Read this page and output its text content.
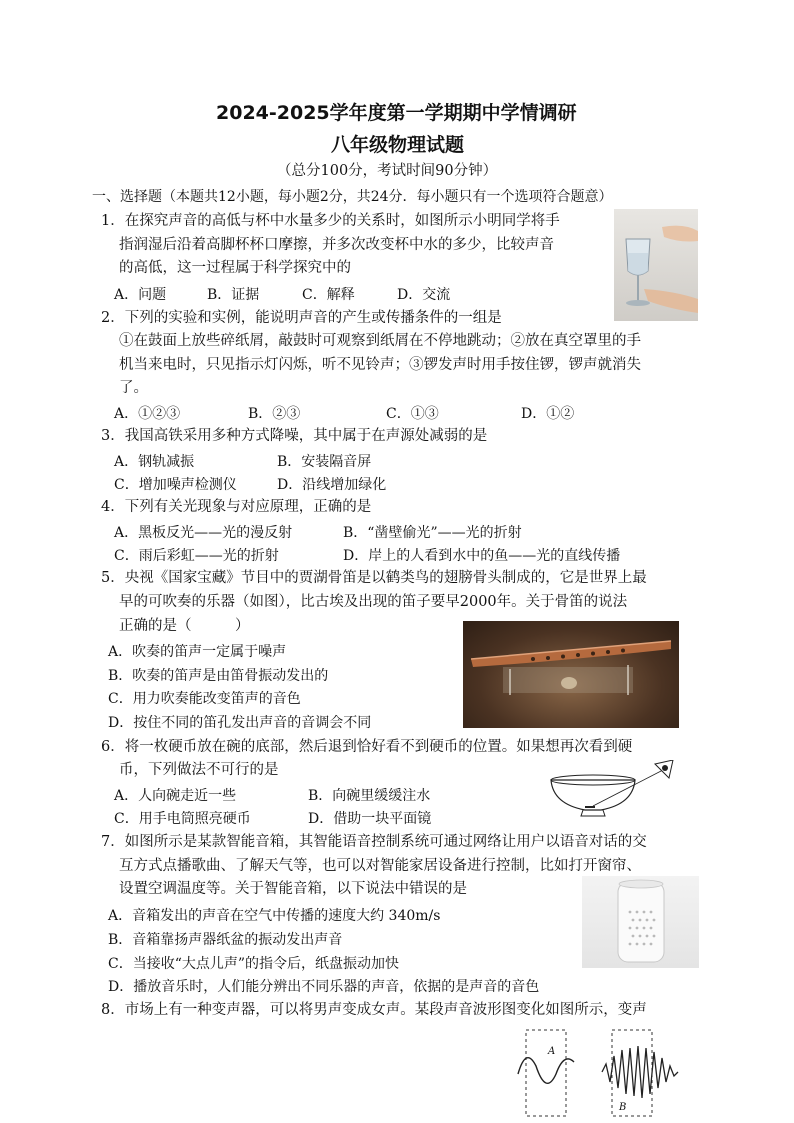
2024-2025学年度第一学期期中学情调研
八年级物理试题
（总分100分，考试时间90分钟）
一、选择题（本题共12小题，每小题2分，共24分．每小题只有一个选项符合题意）
1．在探究声音的高低与杯中水量多少的关系时，如图所示小明同学将手
指润湿后沿着高脚杯杯口摩擦，并多次改变杯中水的多少，比较声音
的高低，这一过程属于科学探究中的
A．问题	B．证据	C．解释	D．交流
2．下列的实验和实例，能说明声音的产生或传播条件的一组是
①在鼓面上放些碎纸屑，敲鼓时可观察到纸屑在不停地跳动；②放在真空罩里的手
机当来电时，只见指示灯闪烁，听不见铃声；③锣发声时用手按住锣，锣声就消失
了。
A．①②③	B．②③	C．①③	D．①②
3．我国高铁采用多种方式降噪，其中属于在声源处减弱的是
A．钢轨减振	B．安装隔音屏
C．增加噪声检测仪	D．沿线增加绿化
4．下列有关光现象与对应原理，正确的是
A．黑板反光——光的漫反射	B．“凿壁偷光”——光的折射
C．雨后彩虹——光的折射	D．岸上的人看到水中的鱼——光的直线传播
5．央视《国家宝藏》节目中的贾湖骨笛是以鹤类鸟的翅膀骨头制成的，它是世界上最
早的可吹奏的乐器（如图），比古埃及出现的笛子要早2000年。关于骨笛的说法
正确的是（　　　）
A．吹奏的笛声一定属于噪声
B．吹奏的笛声是由笛骨振动发出的
C．用力吹奏能改变笛声的音色
D．按住不同的笛孔发出声音的音调会不同
6．将一枚硬币放在碗的底部，然后退到恰好看不到硬币的位置。如果想再次看到硬
币，下列做法不可行的是
A．人向碗走近一些	B．向碗里缓缓注水
C．用手电筒照亮硬币	D．借助一块平面镜
7．如图所示是某款智能音箱，其智能语音控制系统可通过网络让用户以语音对话的交
互方式点播歌曲、了解天气等，也可以对智能家居设备进行控制，比如打开窗帘、
设置空调温度等。关于智能音箱，以下说法中错误的是
A．音箱发出的声音在空气中传播的速度大约 340m/s
B．音箱靠扬声器纸盆的振动发出声音
C．当接收“大点儿声”的指令后，纸盘振动加快
D．播放音乐时，人们能分辨出不同乐器的声音，依据的是声音的音色
8．市场上有一种变声器，可以将男声变成女声。某段声音波形图变化如图所示，变声
A
B
